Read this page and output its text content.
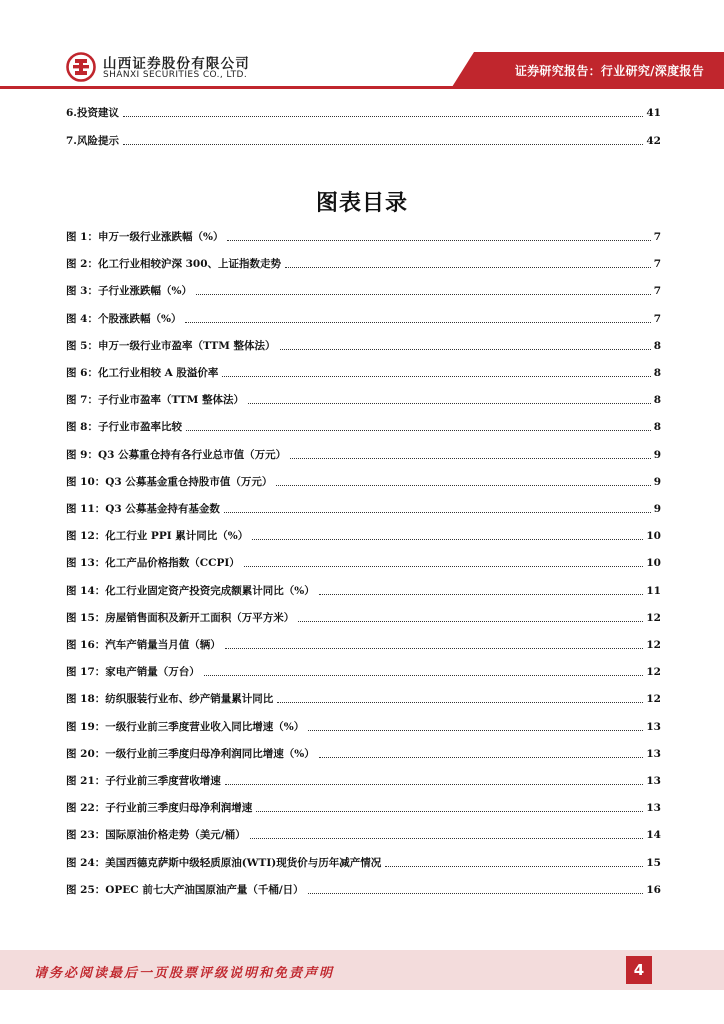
山西证券股份有限公司
SHANXI SECURITIES CO., LTD.	证券研究报告：行业研究/深度报告
6.投资建议	41
7.风险提示	42
图表目录
图 1：申万一级行业涨跌幅（%）	7
图 2：化工行业相较沪深 300、上证指数走势	7
图 3：子行业涨跌幅（%）	7
图 4：个股涨跌幅（%）	7
图 5：申万一级行业市盈率（TTM 整体法）	8
图 6：化工行业相较 A 股溢价率	8
图 7：子行业市盈率（TTM 整体法）	8
图 8：子行业市盈率比较	8
图 9：Q3 公募重仓持有各行业总市值（万元）	9
图 10：Q3 公募基金重仓持股市值（万元）	9
图 11：Q3 公募基金持有基金数	9
图 12：化工行业 PPI 累计同比（%）	10
图 13：化工产品价格指数（CCPI）	10
图 14：化工行业固定资产投资完成额累计同比（%）	11
图 15：房屋销售面积及新开工面积（万平方米）	12
图 16：汽车产销量当月值（辆）	12
图 17：家电产销量（万台）	12
图 18：纺织服装行业布、纱产销量累计同比	12
图 19：一级行业前三季度营业收入同比增速（%）	13
图 20：一级行业前三季度归母净利润同比增速（%）	13
图 21：子行业前三季度营收增速	13
图 22：子行业前三季度归母净利润增速	13
图 23：国际原油价格走势（美元/桶）	14
图 24：美国西德克萨斯中级轻质原油(WTI)现货价与历年减产情况	15
图 25：OPEC 前七大产油国原油产量（千桶/日）	16
请务必阅读最后一页股票评级说明和免责声明	4
